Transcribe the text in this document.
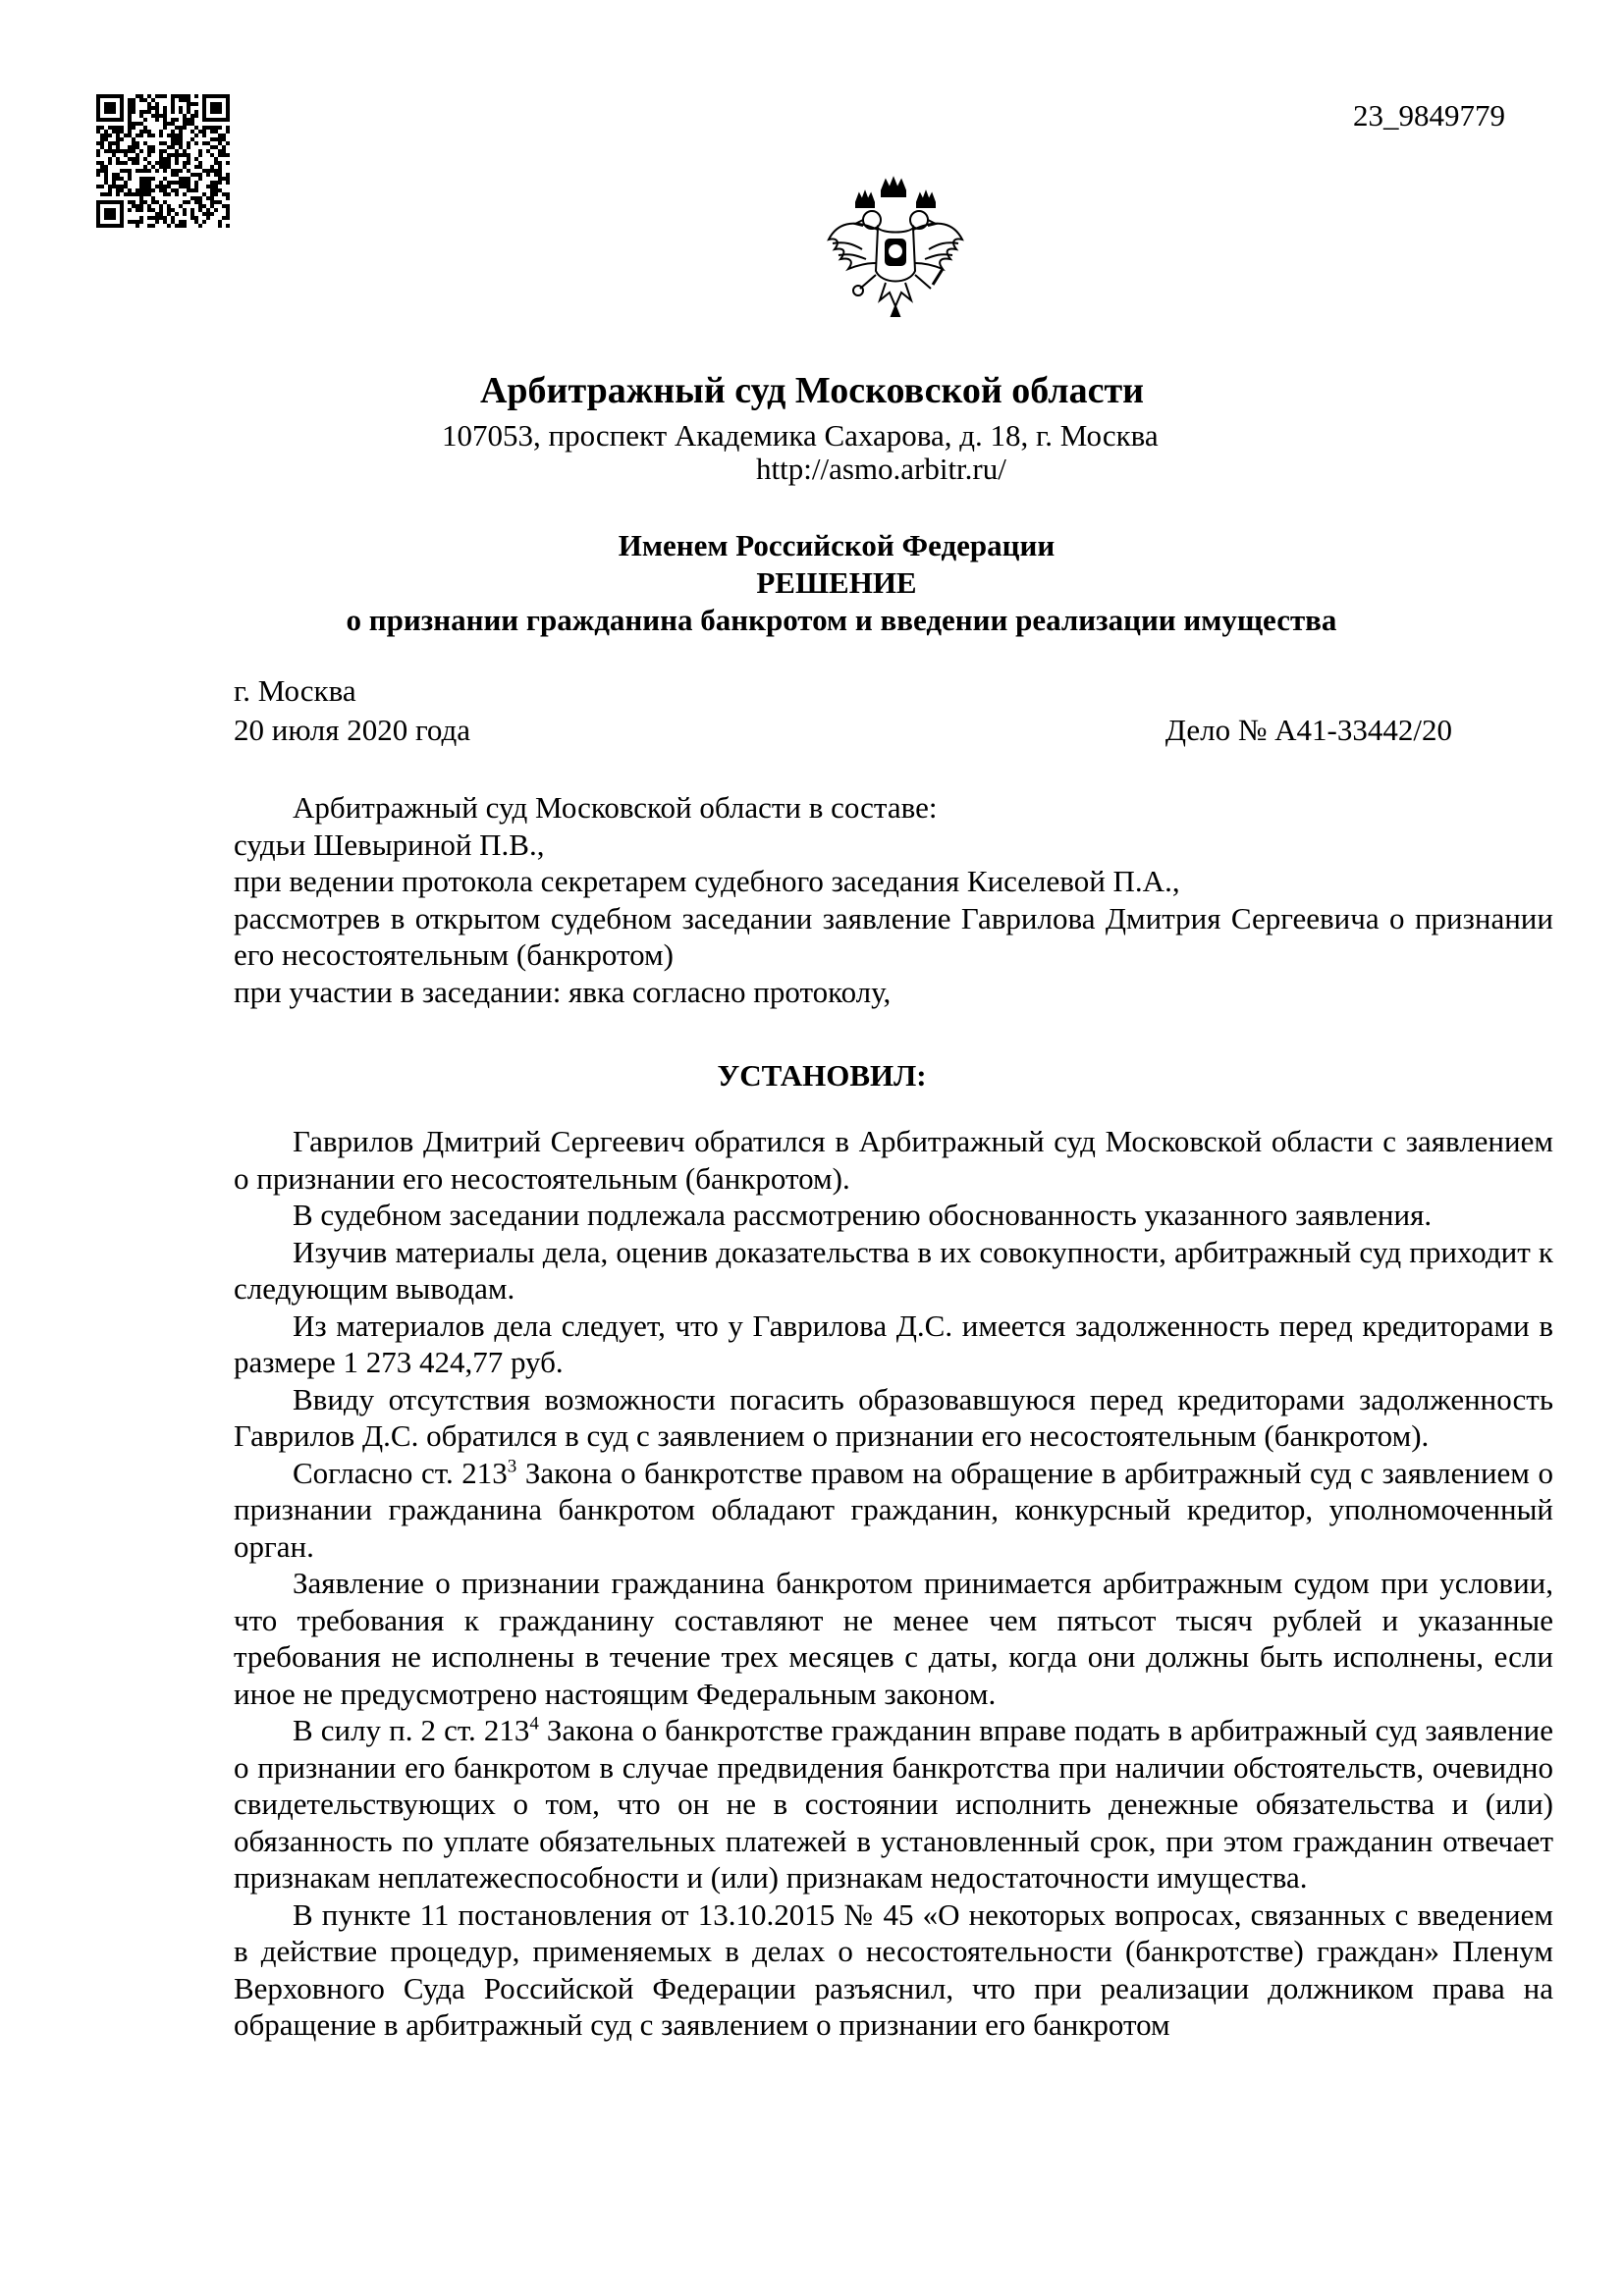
23_9849779
Арбитражный суд Московской области
107053, проспект Академика Сахарова, д. 18, г. Москва
http://asmo.arbitr.ru/
Именем Российской Федерации
РЕШЕНИЕ
о признании гражданина банкротом и введении реализации имущества
г. Москва
20 июля 2020 года	Дело № А41-33442/20

Арбитражный суд Московской области в составе:

судьи Шевыриной П.В.,

при ведении протокола секретарем судебного заседания Киселевой П.А.,

рассмотрев в открытом судебном заседании заявление Гаврилова Дмитрия Сергеевича о признании его несостоятельным (банкротом)

при участии в заседании: явка согласно протоколу,

УСТАНОВИЛ:

Гаврилов Дмитрий Сергеевич обратился в Арбитражный суд Московской области с заявлением о признании его несостоятельным (банкротом).

В судебном заседании подлежала рассмотрению обоснованность указанного заявления.

Изучив материалы дела, оценив доказательства в их совокупности, арбитражный суд приходит к следующим выводам.

Из материалов дела следует, что у Гаврилова Д.С. имеется задолженность перед кредиторами в размере 1 273 424,77 руб.

Ввиду отсутствия возможности погасить образовавшуюся перед кредиторами задолженность Гаврилов Д.С. обратился в суд с заявлением о признании его несостоятельным (банкротом).

Согласно ст. $213^3$ Закона о банкротстве правом на обращение в арбитражный суд с заявлением о признании гражданина банкротом обладают гражданин, конкурсный кредитор, уполномоченный орган.

Заявление о признании гражданина банкротом принимается арбитражным судом при условии, что требования к гражданину составляют не менее чем пятьсот тысяч рублей и указанные требования не исполнены в течение трех месяцев с даты, когда они должны быть исполнены, если иное не предусмотрено настоящим Федеральным законом.

В силу п. 2 ст. $213^4$ Закона о банкротстве гражданин вправе подать в арбитражный суд заявление о признании его банкротом в случае предвидения банкротства при наличии обстоятельств, очевидно свидетельствующих о том, что он не в состоянии исполнить денежные обязательства и (или) обязанность по уплате обязательных платежей в установленный срок, при этом гражданин отвечает признакам неплатежеспособности и (или) признакам недостаточности имущества.

В пункте 11 постановления от 13.10.2015 № 45 «О некоторых вопросах, связанных с введением в действие процедур, применяемых в делах о несостоятельности (банкротстве) граждан» Пленум Верховного Суда Российской Федерации разъяснил, что при реализации должником права на обращение в арбитражный суд с заявлением о признании его банкротом
